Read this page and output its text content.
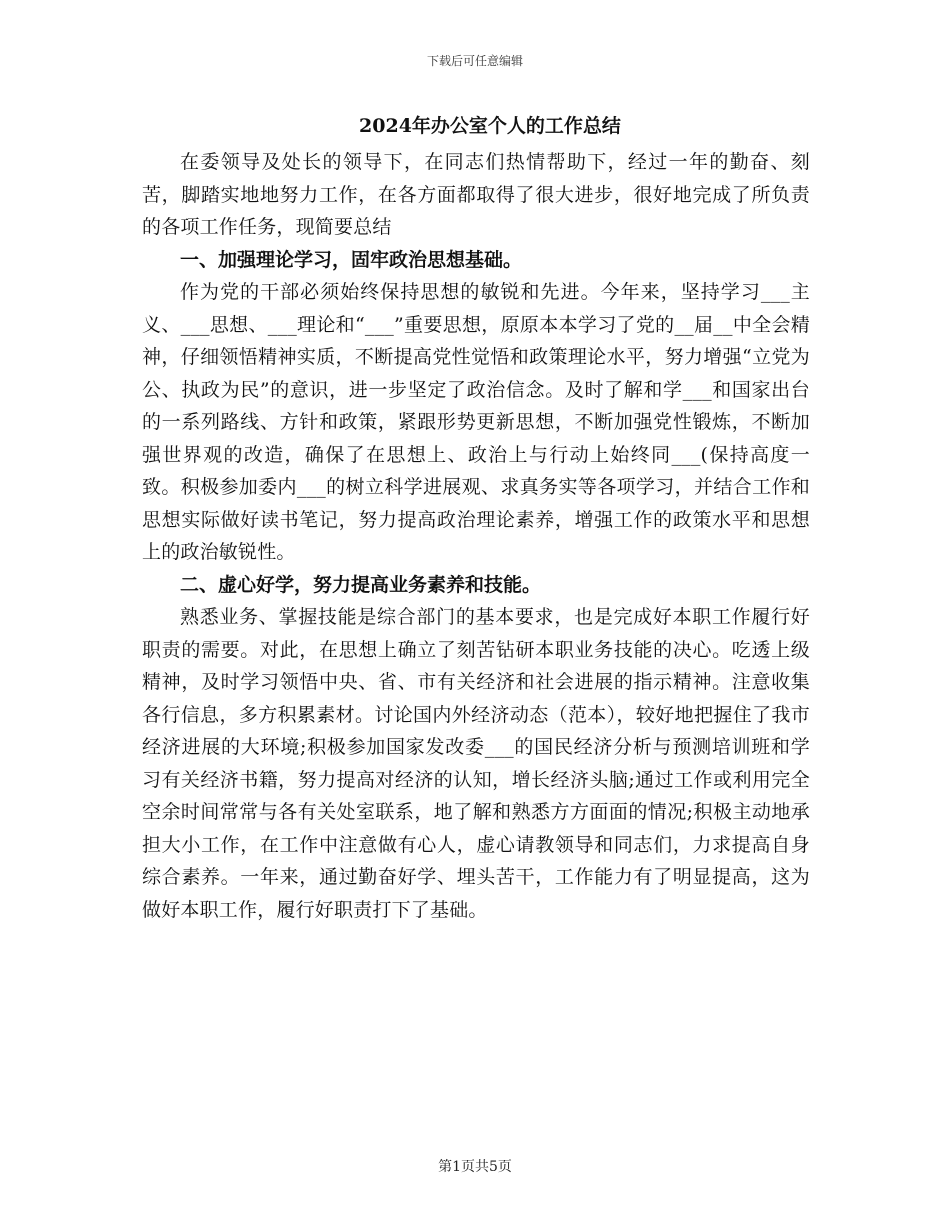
下载后可任意编辑
2024年办公室个人的工作总结

在委领导及处长的领导下，在同志们热情帮助下，经过一年的勤奋、刻苦，脚踏实地地努力工作，在各方面都取得了很大进步，很好地完成了所负责的各项工作任务，现简要总结

一、加强理论学习，固牢政治思想基础。

作为党的干部必须始终保持思想的敏锐和先进。今年来，坚持学习___主义、___思想、___理论和“___”重要思想，原原本本学习了党的__届__中全会精神，仔细领悟精神实质，不断提高党性觉悟和政策理论水平，努力增强“立党为公、执政为民”的意识，进一步坚定了政治信念。及时了解和学___和国家出台的一系列路线、方针和政策，紧跟形势更新思想，不断加强党性锻炼，不断加强世界观的改造，确保了在思想上、政治上与行动上始终同___(保持高度一致。积极参加委内___的树立科学进展观、求真务实等各项学习，并结合工作和思想实际做好读书笔记，努力提高政治理论素养，增强工作的政策水平和思想上的政治敏锐性。

二、虚心好学，努力提高业务素养和技能。

熟悉业务、掌握技能是综合部门的基本要求，也是完成好本职工作履行好职责的需要。对此，在思想上确立了刻苦钻研本职业务技能的决心。吃透上级精神，及时学习领悟中央、省、市有关经济和社会进展的指示精神。注意收集各行信息，多方积累素材。讨论国内外经济动态（范本），较好地把握住了我市经济进展的大环境;积极参加国家发改委___的国民经济分析与预测培训班和学习有关经济书籍，努力提高对经济的认知，增长经济头脑;通过工作或利用完全空余时间常常与各有关处室联系，地了解和熟悉方方面面的情况;积极主动地承担大小工作，在工作中注意做有心人，虚心请教领导和同志们，力求提高自身综合素养。一年来，通过勤奋好学、埋头苦干，工作能力有了明显提高，这为做好本职工作，履行好职责打下了基础。

第1页共5页
